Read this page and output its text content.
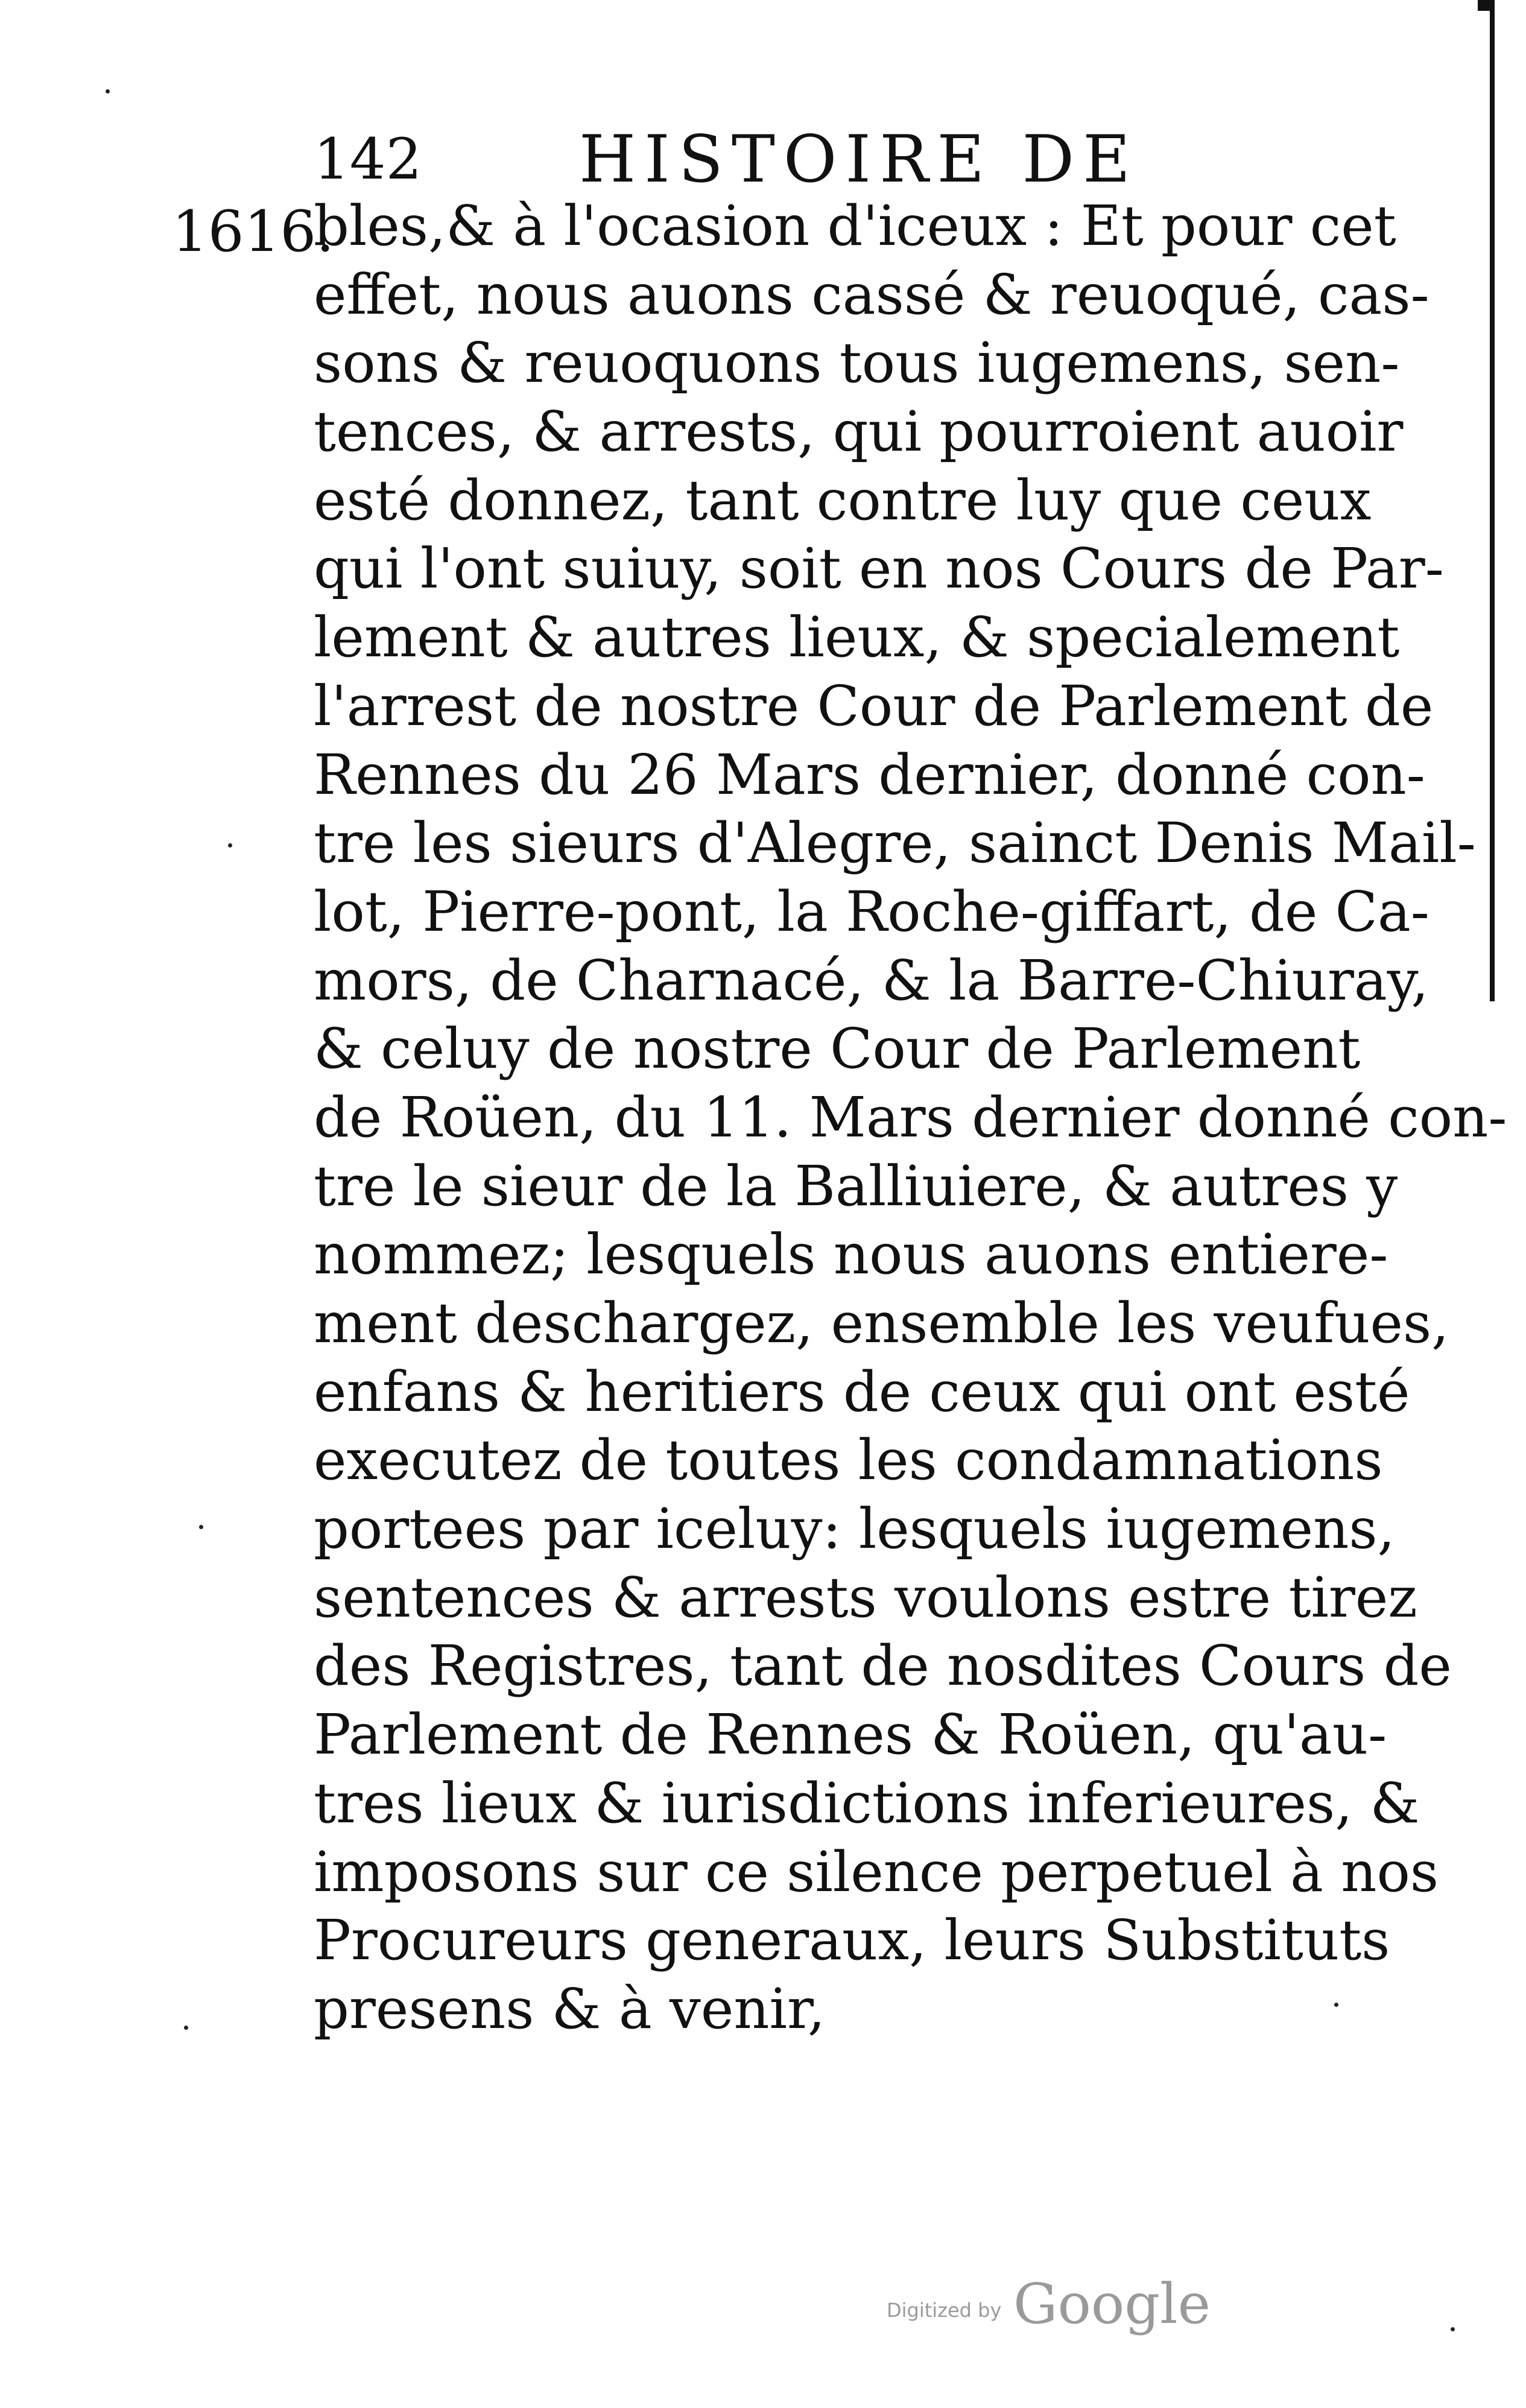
142 HISTOIRE DE
1616.
bles,& à l'ocasion d'iceux : Et pour cet
effet, nous auons cassé & reuoqué, cas-
sons & reuoquons tous iugemens, sen-
tences, & arrests, qui pourroient auoir
esté donnez, tant contre luy que ceux
qui l'ont suiuy, soit en nos Cours de Par-
lement & autres lieux, & specialement
l'arrest de nostre Cour de Parlement de
Rennes du 26 Mars dernier, donné con-
tre les sieurs d'Alegre, sainct Denis Mail-
lot, Pierre-pont, la Roche-giffart, de Ca-
mors, de Charnacé, & la Barre-Chiuray,
& celuy de nostre Cour de Parlement
de Roüen, du 11. Mars dernier donné con-
tre le sieur de la Balliuiere, & autres y
nommez; lesquels nous auons entiere-
ment deschargez, ensemble les veufues,
enfans & heritiers de ceux qui ont esté
executez de toutes les condamnations
portees par iceluy: lesquels iugemens,
sentences & arrests voulons estre tirez
des Registres, tant de nosdites Cours de
Parlement de Rennes & Roüen, qu'au-
tres lieux & iurisdictions inferieures, &
imposons sur ce silence perpetuel à nos
Procureurs generaux, leurs Substituts
presens & à venir,
Digitized by Google
